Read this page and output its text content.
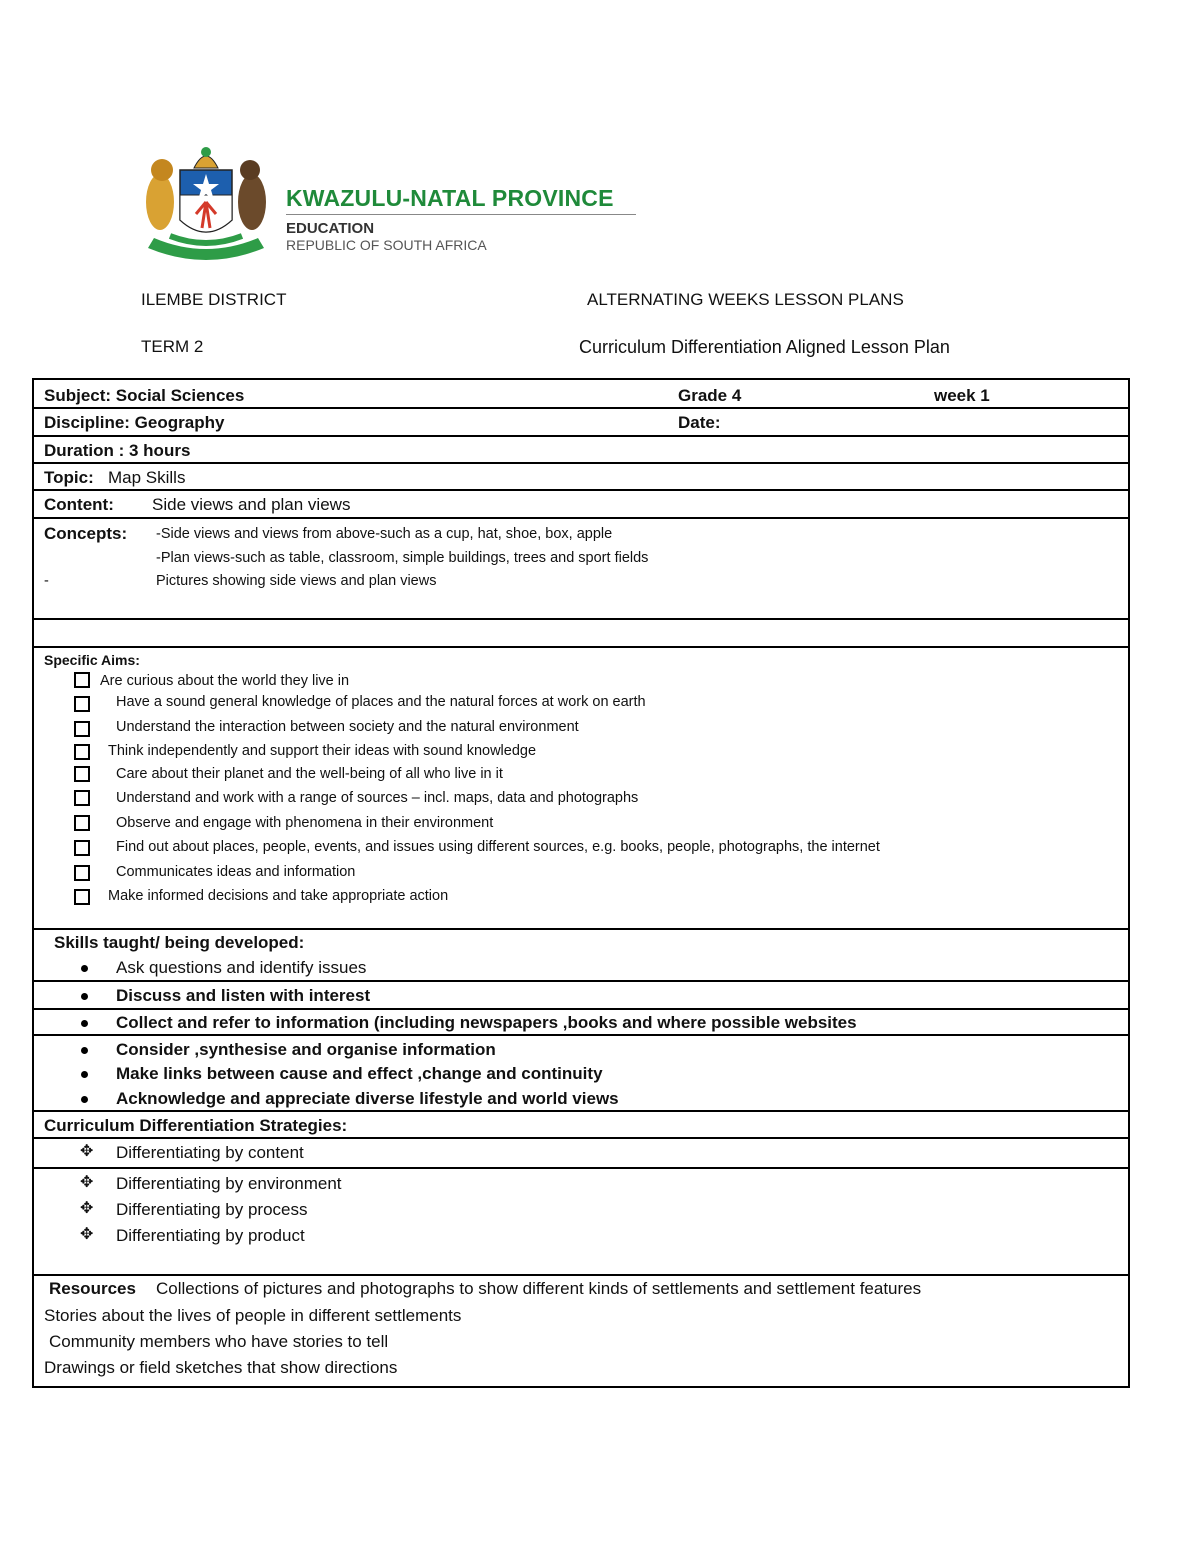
KWAZULU-NATAL PROVINCE
EDUCATION
REPUBLIC OF SOUTH AFRICA
ILEMBE DISTRICT	ALTERNATING WEEKS LESSON PLANS
TERM 2	Curriculum Differentiation Aligned Lesson Plan
Subject: Social Sciences	Grade 4	week 1
Discipline: Geography	Date:
Duration : 3 hours
Topic: Map Skills
Content: Side views and plan views
Concepts: -Side views and views from above-such as a cup, hat, shoe, box, apple
-Plan views-such as table, classroom, simple buildings, trees and sport fields
-	Pictures showing side views and plan views
Specific Aims:
Are curious about the world they live in
Have a sound general knowledge of places and the natural forces at work on earth
Understand the interaction between society and the natural environment
Think independently and support their ideas with sound knowledge
Care about their planet and the well-being of all who live in it
Understand and work with a range of sources – incl. maps, data and photographs
Observe and engage with phenomena in their environment
Find out about places, people, events, and issues using different sources, e.g. books, people, photographs, the internet
Communicates ideas and information
Make informed decisions and take appropriate action
Skills taught/ being developed:
Ask questions and identify issues
Discuss and listen with interest
Collect and refer to information (including newspapers ,books and where possible websites
Consider ,synthesise and organise information
Make links between cause and effect ,change and continuity
Acknowledge and appreciate diverse lifestyle and world views
Curriculum Differentiation Strategies:
✥ Differentiating by content
✥ Differentiating by environment
✥ Differentiating by process
✥ Differentiating by product
Resources Collections of pictures and photographs to show different kinds of settlements and settlement features
Stories about the lives of people in different settlements
Community members who have stories to tell
Drawings or field sketches that show directions
